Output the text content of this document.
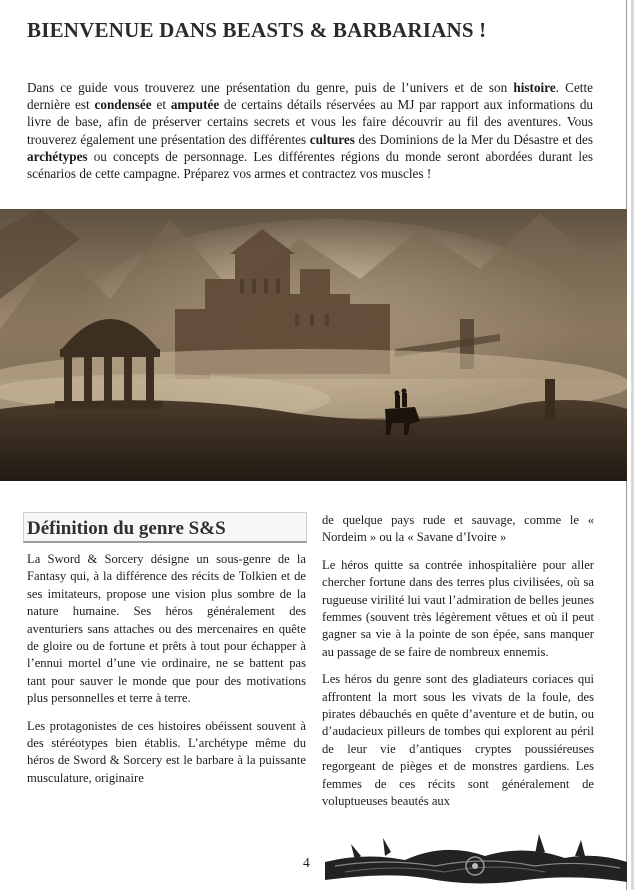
BIENVENUE DANS BEASTS & BARBARIANS !

Dans ce guide vous trouverez une présentation du genre, puis de l’univers et de son histoire. Cette dernière est condensée et amputée de certains détails réservées au MJ par rapport aux informations du livre de base, afin de préserver certains secrets et vous les faire découvrir au fil des aventures. Vous trouverez également une présentation des différentes cultures des Dominions de la Mer du Désastre et des archétypes ou concepts de personnage. Les différentes régions du monde seront abordées durant les scénarios de cette campagne. Préparez vos armes et contractez vos muscles !

Définition du genre S&S

La Sword & Sorcery désigne un sous-genre de la Fantasy qui, à la différence des récits de Tolkien et de ses imitateurs, propose une vision plus sombre de la nature humaine. Ses héros généralement des aventuriers sans attaches ou des mercenaires en quête de gloire ou de fortune et prêts à tout pour échapper à l’ennui mortel d’une vie ordinaire, ne se battent pas tant pour sauver le monde que pour des motivations plus personnelles et terre à terre.

Les protagonistes de ces histoires obéissent souvent à des stéréotypes bien établis. L’archétype même du héros de Sword & Sorcery est le barbare à la puissante musculature, originaire

de quelque pays rude et sauvage, comme le « Nordeim » ou la « Savane d’Ivoire »

Le héros quitte sa contrée inhospitalière pour aller chercher fortune dans des terres plus civilisées, où sa rugueuse virilité lui vaut l’admiration de belles jeunes femmes (souvent très légèrement vêtues et où il peut gagner sa vie à la pointe de son épée, sans manquer au passage de se faire de nombreux ennemis.

Les héros du genre sont des gladiateurs coriaces qui affrontent la mort sous les vivats de la foule, des pirates débauchés en quête d’aventure et de butin, ou d’audacieux pilleurs de tombes qui explorent au péril de leur vie d’antiques cryptes poussiéreuses regorgeant de pièges et de monstres gardiens. Les femmes de ces récits sont généralement de voluptueuses beautés aux

4
